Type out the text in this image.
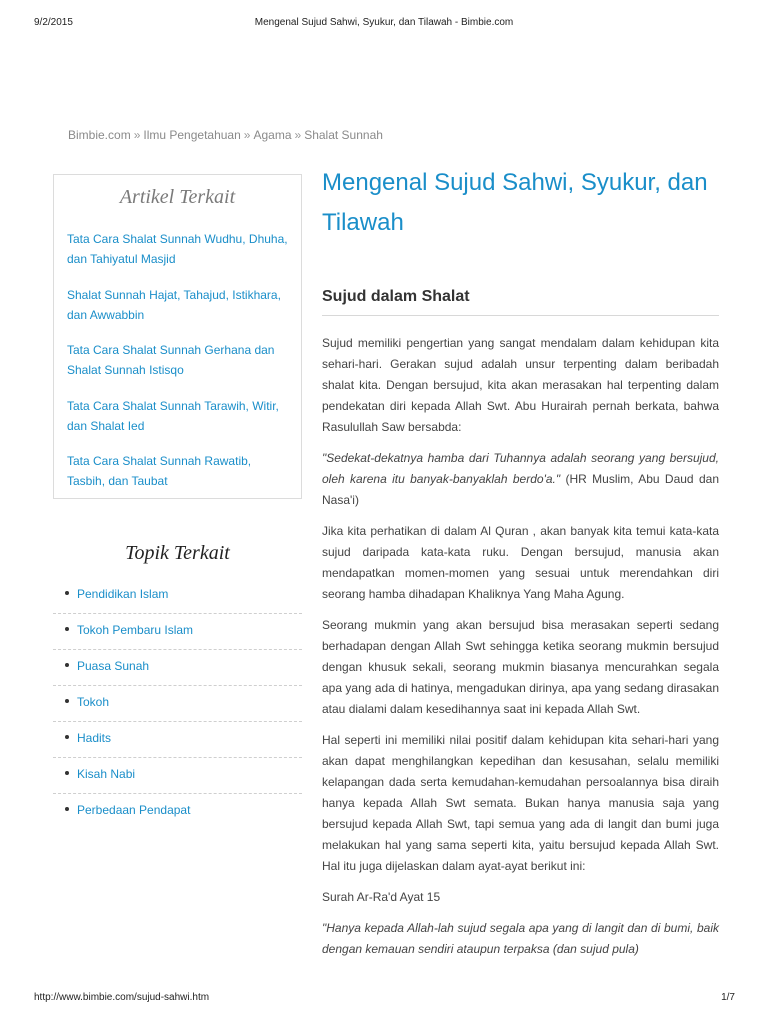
9/2/2015	Mengenal Sujud Sahwi, Syukur, dan Tilawah - Bimbie.com
Bimbie.com » Ilmu Pengetahuan » Agama » Shalat Sunnah
Artikel Terkait
Tata Cara Shalat Sunnah Wudhu, Dhuha, dan Tahiyatul Masjid
Shalat Sunnah Hajat, Tahajud, Istikhara, dan Awwabbin
Tata Cara Shalat Sunnah Gerhana dan Shalat Sunnah Istisqo
Tata Cara Shalat Sunnah Tarawih, Witir, dan Shalat Ied
Tata Cara Shalat Sunnah Rawatib, Tasbih, dan Taubat
Topik Terkait
Pendidikan Islam
Tokoh Pembaru Islam
Puasa Sunah
Tokoh
Hadits
Kisah Nabi
Perbedaan Pendapat
Mengenal Sujud Sahwi, Syukur, dan Tilawah
Sujud dalam Shalat

Sujud memiliki pengertian yang sangat mendalam dalam kehidupan kita sehari-hari. Gerakan sujud adalah unsur terpenting dalam beribadah shalat kita. Dengan bersujud, kita akan merasakan hal terpenting dalam pendekatan diri kepada Allah Swt. Abu Hurairah pernah berkata, bahwa Rasulullah Saw bersabda:

"Sedekat-dekatnya hamba dari Tuhannya adalah seorang yang bersujud, oleh karena itu banyak-banyaklah berdo'a." (HR Muslim, Abu Daud dan Nasa'i)

Jika kita perhatikan di dalam Al Quran , akan banyak kita temui kata-kata sujud daripada kata-kata ruku. Dengan bersujud, manusia akan mendapatkan momen-momen yang sesuai untuk merendahkan diri seorang hamba dihadapan Khaliknya Yang Maha Agung.

Seorang mukmin yang akan bersujud bisa merasakan seperti sedang berhadapan dengan Allah Swt sehingga ketika seorang mukmin bersujud dengan khusuk sekali, seorang mukmin biasanya mencurahkan segala apa yang ada di hatinya, mengadukan dirinya, apa yang sedang dirasakan atau dialami dalam kesedihannya saat ini kepada Allah Swt.

Hal seperti ini memiliki nilai positif dalam kehidupan kita sehari-hari yang akan dapat menghilangkan kepedihan dan kesusahan, selalu memiliki kelapangan dada serta kemudahan-kemudahan persoalannya bisa diraih hanya kepada Allah Swt semata. Bukan hanya manusia saja yang bersujud kepada Allah Swt, tapi semua yang ada di langit dan bumi juga melakukan hal yang sama seperti kita, yaitu bersujud kepada Allah Swt. Hal itu juga dijelaskan dalam ayat-ayat berikut ini:

Surah Ar-Ra'd Ayat 15

"Hanya kepada Allah-lah sujud segala apa yang di langit dan di bumi, baik dengan kemauan sendiri ataupun terpaksa (dan sujud pula)

http://www.bimbie.com/sujud-sahwi.htm	1/7
